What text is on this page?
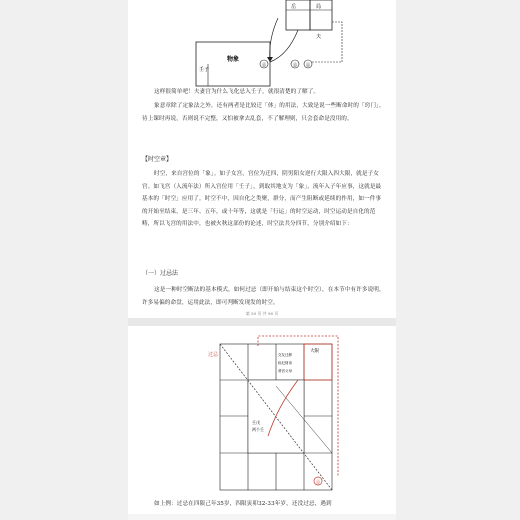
物象
壬子
岳	局
夫
忌	忌 忌
这样很简单吧！夫妻宫为什么飞化忌入壬子，就很清楚的了解了。
象意章除了定象法之外，还有两者是比较迁「体」的用法，大致是说一些断命时的「窍门」，待上课时再说，否则说不完整，又怕被拿去乱套，不了解理则，只会套命是没用的。
【时空章】
时空，来自宫位的「象」。如子女宫，宫位为迁四，阴男阳女逆行大限入四大限，就是子女宫。如飞宫（入流年法）所入宫位用「壬子」，到取其地支为「象」，流年入子年应事，这就是最基本的「时空」应用了。时空不中，因自化之类聚，群分，而产生阻断或延续的作用，如一件事的开始至结束，是三年、五年，或十年等，这就是「行运」的时空运动，时空运动是自化的范畴，所以飞宫的用法中，也被火秋这部份的论述，时空法共分四节，分别介绍如下：
（一）过忌法
这是一种时空断法的基本模式，如何过忌（即开始与结束这个时空），在本节中有许多说明，许多易偏的命盘，运用此法，即可判断发现发的时空。
第 39 页 共 96 页
过忌
大限
交友迁移
疾厄财帛
命宫父母
壬戊
两个壬
忌
如上例：过忌在四限己年35岁，四限寅卯32-33年岁，还没过忌，遇到
